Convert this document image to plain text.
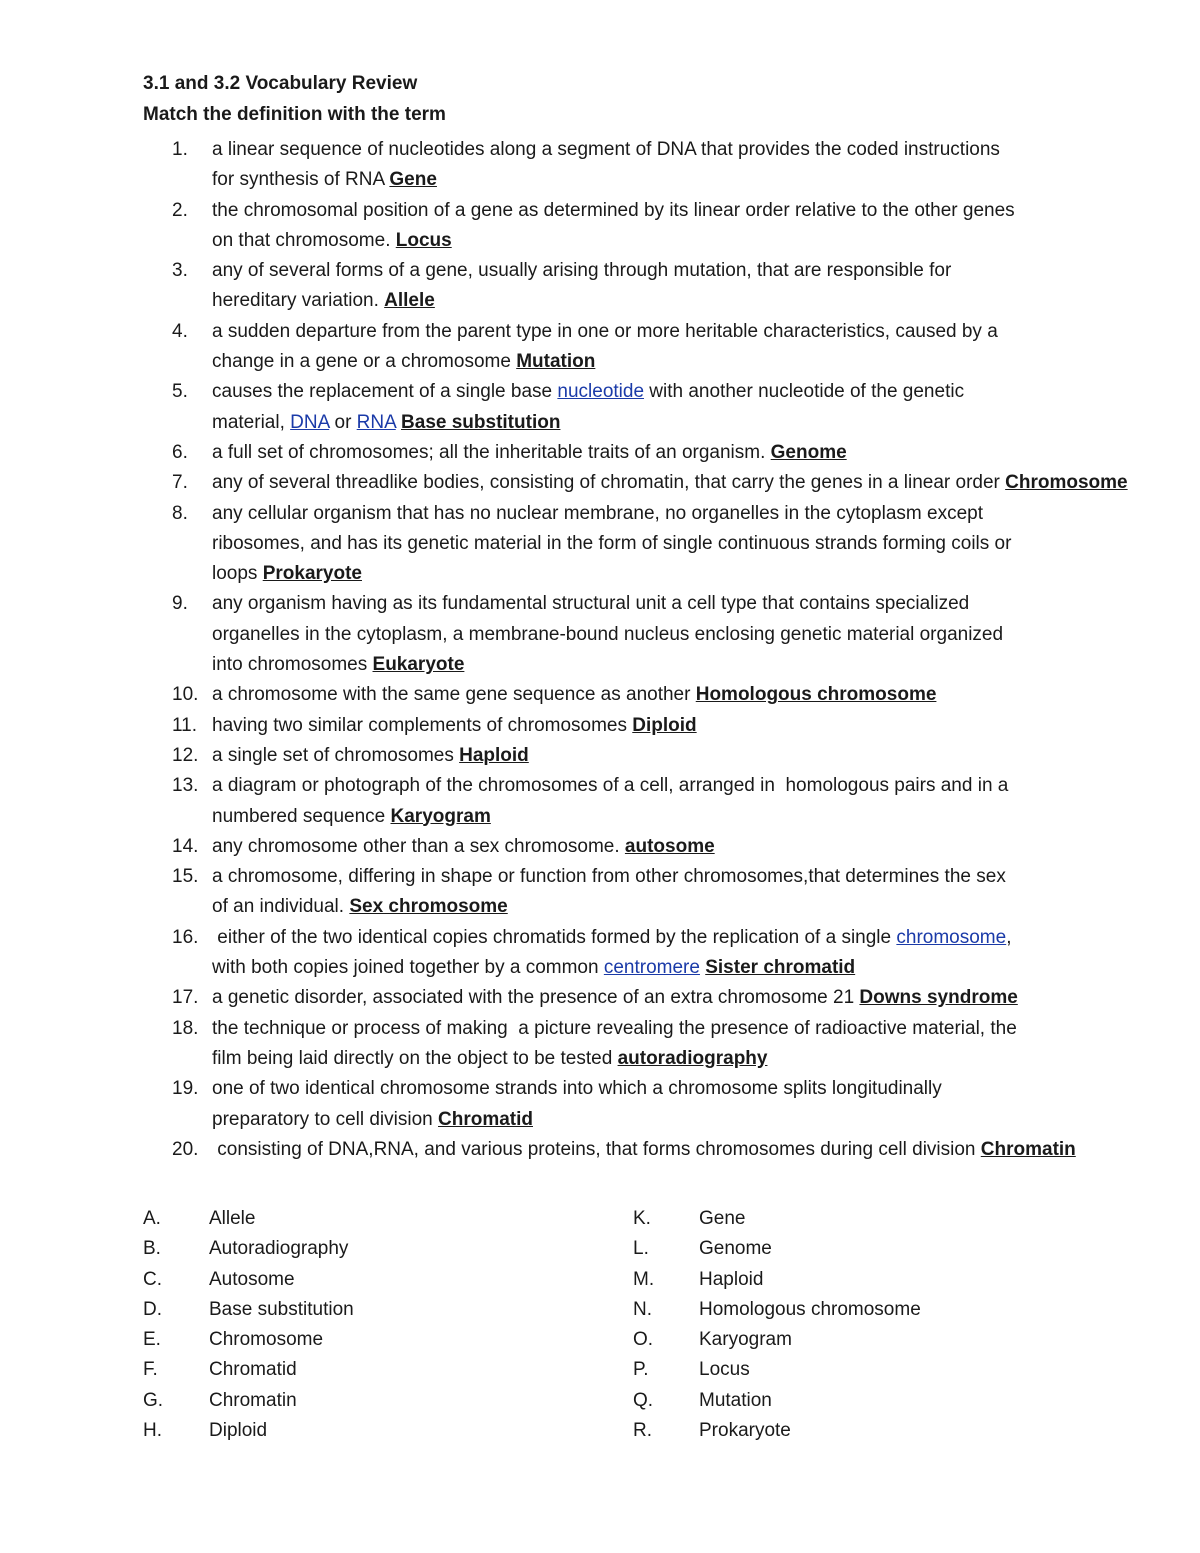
3.1 and 3.2 Vocabulary Review
Match the definition with the term
1.	a linear sequence of nucleotides along a segment of DNA that provides the coded instructions
for synthesis of RNA Gene
2.	the chromosomal position of a gene as determined by its linear order relative to the other genes
on that chromosome. Locus
3.	any of several forms of a gene, usually arising through mutation, that are responsible for
hereditary variation. Allele
4.	a sudden departure from the parent type in one or more heritable characteristics, caused by a
change in a gene or a chromosome Mutation
5.	causes the replacement of a single base nucleotide with another nucleotide of the genetic
material, DNA or RNA Base substitution
6.	a full set of chromosomes; all the inheritable traits of an organism. Genome
7.	any of several threadlike bodies, consisting of chromatin, that carry the genes in a linear order Chromosome
8.	any cellular organism that has no nuclear membrane, no organelles in the cytoplasm except
ribosomes, and has its genetic material in the form of single continuous strands forming coils or
loops Prokaryote
9.	any organism having as its fundamental structural unit a cell type that contains specialized
organelles in the cytoplasm, a membrane-bound nucleus enclosing genetic material organized
into chromosomes Eukaryote
10. a chromosome with the same gene sequence as another Homologous chromosome
11. having two similar complements of chromosomes Diploid
12. a single set of chromosomes Haploid
13. a diagram or photograph of the chromosomes of a cell, arranged in  homologous pairs and in a
numbered sequence Karyogram
14. any chromosome other than a sex chromosome. autosome
15. a chromosome, differing in shape or function from other chromosomes,that determines the sex
of an individual. Sex chromosome
16. either of the two identical copies chromatids formed by the replication of a single chromosome,
with both copies joined together by a common centromere Sister chromatid
17. a genetic disorder, associated with the presence of an extra chromosome 21 Downs syndrome
18. the technique or process of making  a picture revealing the presence of radioactive material, the
film being laid directly on the object to be tested autoradiography
19. one of two identical chromosome strands into which a chromosome splits longitudinally
preparatory to cell division Chromatid
20. consisting of DNA,RNA, and various proteins, that forms chromosomes during cell division Chromatin
A.	Allele
B.	Autoradiography
C. Autosome
D. Base substitution
E.	Chromosome
F.	Chromatid
G. Chromatin
H. Diploid
K.	Gene
L.	Genome
M. Haploid
N. Homologous chromosome
O. Karyogram
P.	Locus
Q. Mutation
R. Prokaryote
